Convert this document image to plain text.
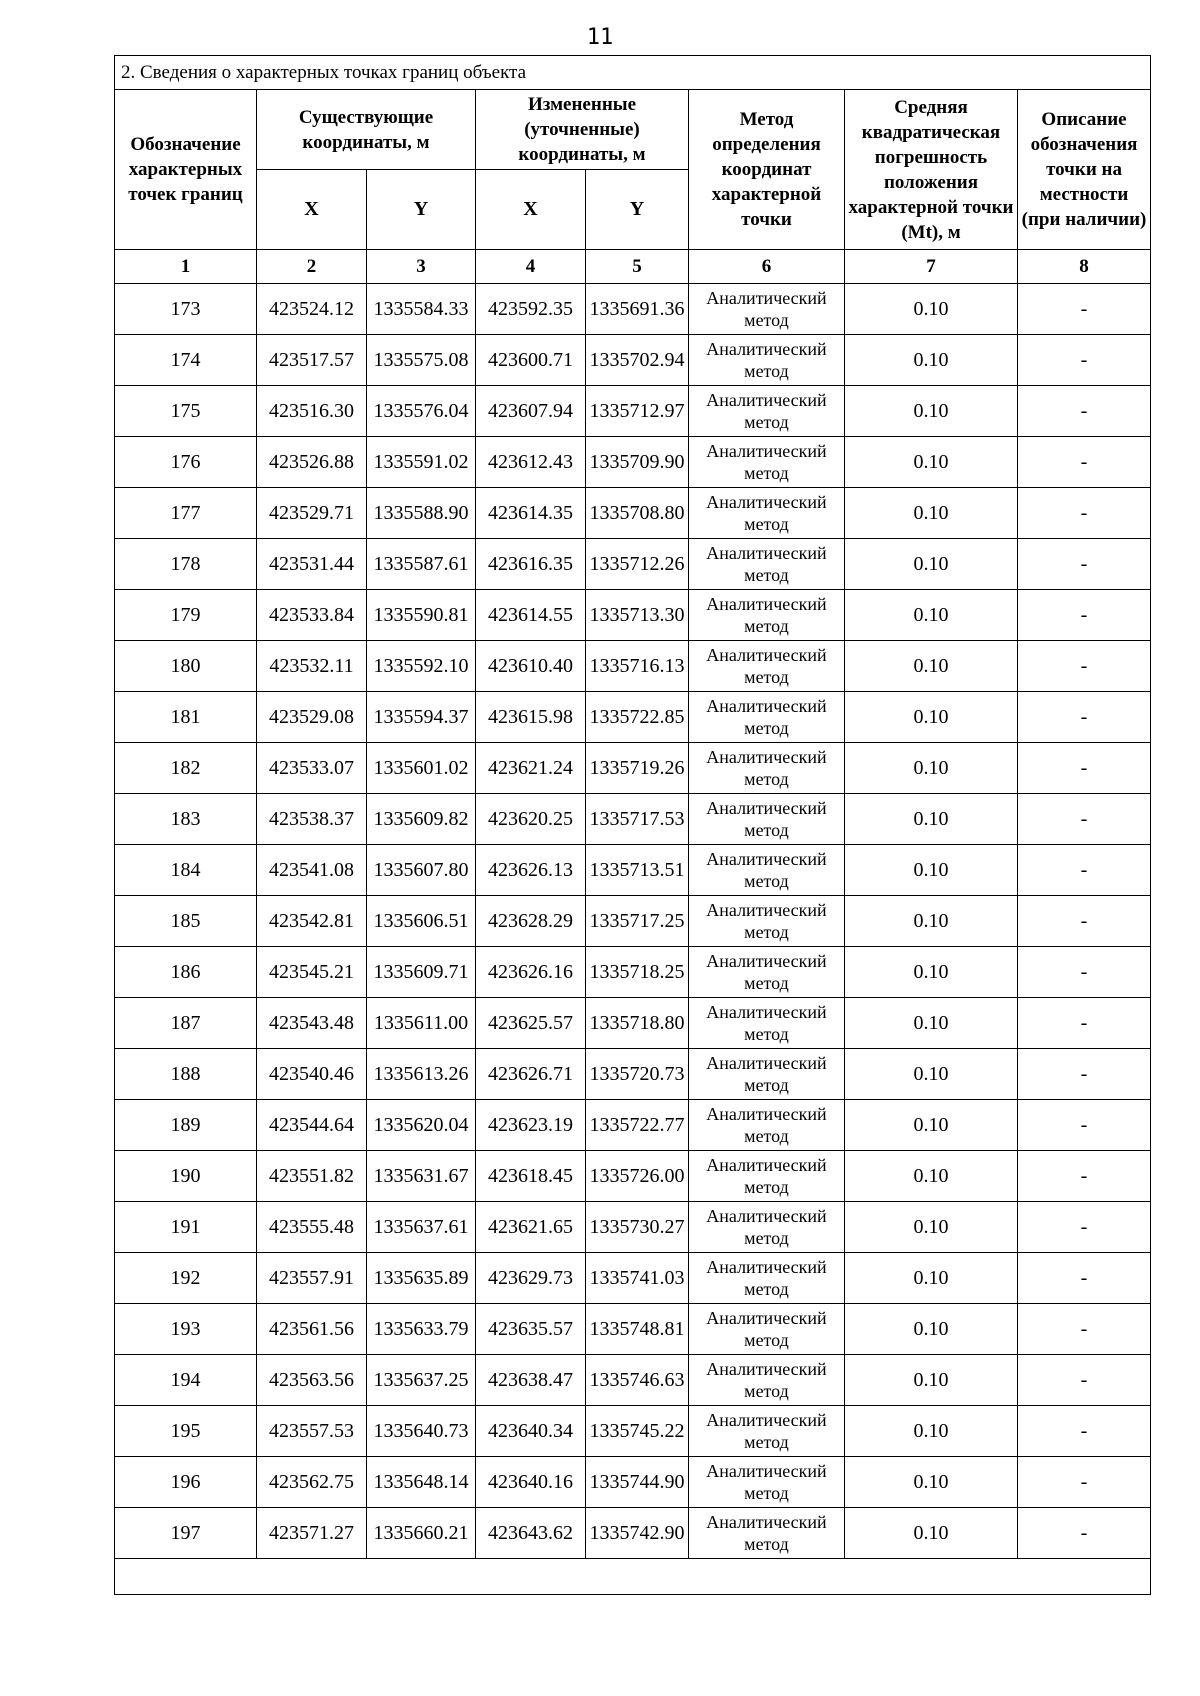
11
2. Сведения о характерных точках границ объекта							
Обозначение характерных точек границ	Существующие координаты, м		Измененные (уточненные) координаты, м		Метод определения координат характерной точки	Средняя квадратическая погрешность положения характерной точки (Mt), м	Описание обозначения точки на местности (при наличии)
	X	Y	X	Y			
1	2	3	4	5	6	7	8
173	423524.12	1335584.33	423592.35	1335691.36	Аналитический
метод	0.10	-
174	423517.57	1335575.08	423600.71	1335702.94	Аналитический
метод	0.10	-
175	423516.30	1335576.04	423607.94	1335712.97	Аналитический
метод	0.10	-
176	423526.88	1335591.02	423612.43	1335709.90	Аналитический
метод	0.10	-
177	423529.71	1335588.90	423614.35	1335708.80	Аналитический
метод	0.10	-
178	423531.44	1335587.61	423616.35	1335712.26	Аналитический
метод	0.10	-
179	423533.84	1335590.81	423614.55	1335713.30	Аналитический
метод	0.10	-
180	423532.11	1335592.10	423610.40	1335716.13	Аналитический
метод	0.10	-
181	423529.08	1335594.37	423615.98	1335722.85	Аналитический
метод	0.10	-
182	423533.07	1335601.02	423621.24	1335719.26	Аналитический
метод	0.10	-
183	423538.37	1335609.82	423620.25	1335717.53	Аналитический
метод	0.10	-
184	423541.08	1335607.80	423626.13	1335713.51	Аналитический
метод	0.10	-
185	423542.81	1335606.51	423628.29	1335717.25	Аналитический
метод	0.10	-
186	423545.21	1335609.71	423626.16	1335718.25	Аналитический
метод	0.10	-
187	423543.48	1335611.00	423625.57	1335718.80	Аналитический
метод	0.10	-
188	423540.46	1335613.26	423626.71	1335720.73	Аналитический
метод	0.10	-
189	423544.64	1335620.04	423623.19	1335722.77	Аналитический
метод	0.10	-
190	423551.82	1335631.67	423618.45	1335726.00	Аналитический
метод	0.10	-
191	423555.48	1335637.61	423621.65	1335730.27	Аналитический
метод	0.10	-
192	423557.91	1335635.89	423629.73	1335741.03	Аналитический
метод	0.10	-
193	423561.56	1335633.79	423635.57	1335748.81	Аналитический
метод	0.10	-
194	423563.56	1335637.25	423638.47	1335746.63	Аналитический
метод	0.10	-
195	423557.53	1335640.73	423640.34	1335745.22	Аналитический
метод	0.10	-
196	423562.75	1335648.14	423640.16	1335744.90	Аналитический
метод	0.10	-
197	423571.27	1335660.21	423643.62	1335742.90	Аналитический
метод	0.10	-
